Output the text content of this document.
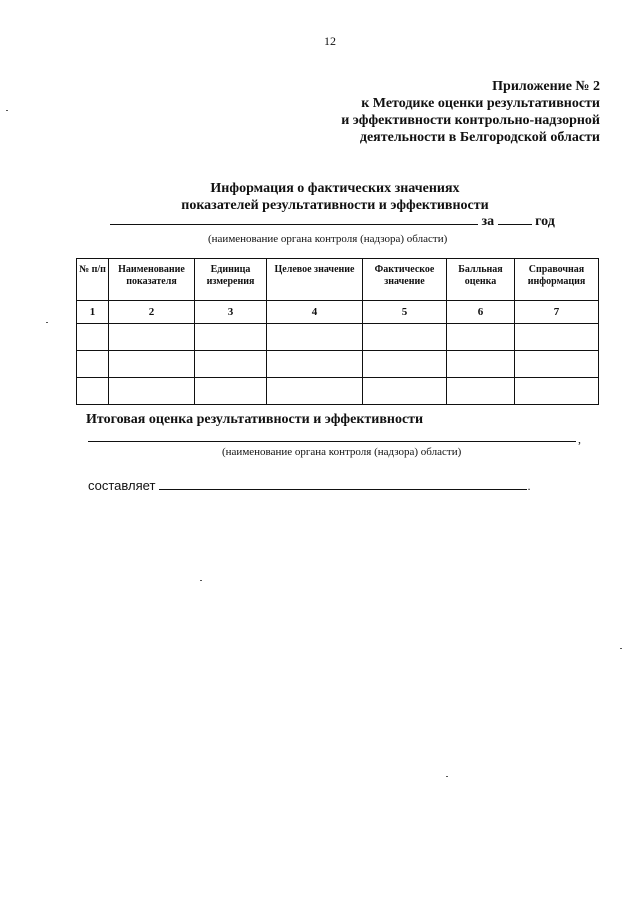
12
Приложение № 2
к Методике оценки результативности
и эффективности контрольно-надзорной
деятельности в Белгородской области
Информация о фактических значениях
показателей результативности и эффективности
за	год
(наименование органа контроля (надзора) области)
№ п/п	Наименование показателя	Единица измерения	Целевое значение	Фактическое значение	Балльная оценка	Справочная информация
1	2	3	4	5	6	7

Итоговая оценка результативности и эффективности
,
(наименование органа контроля (надзора) области)
составляет	.
